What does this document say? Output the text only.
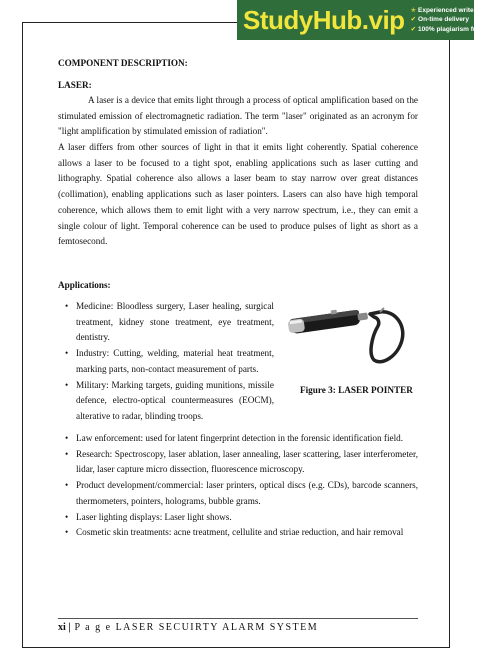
StudyHub.vip ✭ Experienced writers
✔ On-time delivery
✔ 100% plagiarism free
COMPONENT DESCRIPTION:
LASER:
A laser is a device that emits light through a process of optical amplification based on the stimulated emission of electromagnetic radiation. The term "laser" originated as an acronym for "light amplification by stimulated emission of radiation".
A laser differs from other sources of light in that it emits light coherently. Spatial coherence allows a laser to be focused to a tight spot, enabling applications such as laser cutting and lithography. Spatial coherence also allows a laser beam to stay narrow over great distances (collimation), enabling applications such as laser pointers. Lasers can also have high temporal coherence, which allows them to emit light with a very narrow spectrum, i.e., they can emit a single colour of light. Temporal coherence can be used to produce pulses of light as short as a femtosecond.
Applications:
• Medicine: Bloodless surgery, Laser healing, surgical treatment, kidney stone treatment, eye treatment, dentistry.
• Industry: Cutting, welding, material heat treatment, marking parts, non-contact measurement of parts.
• Military: Marking targets, guiding munitions, missile defence, electro-optical countermeasures (EOCM), alterative to radar, blinding troops.
Figure 3: LASER POINTER
• Law enforcement: used for latent fingerprint detection in the forensic identification field.
• Research: Spectroscopy, laser ablation, laser annealing, laser scattering, laser interferometer, lidar, laser capture micro dissection, fluorescence microscopy.
• Product development/commercial: laser printers, optical discs (e.g. CDs), barcode scanners, thermometers, pointers, holograms, bubble grams.
• Laser lighting displays: Laser light shows.
• Cosmetic skin treatments: acne treatment, cellulite and striae reduction, and hair removal
xi | P a g e LASER SECUIRTY ALARM SYSTEM
